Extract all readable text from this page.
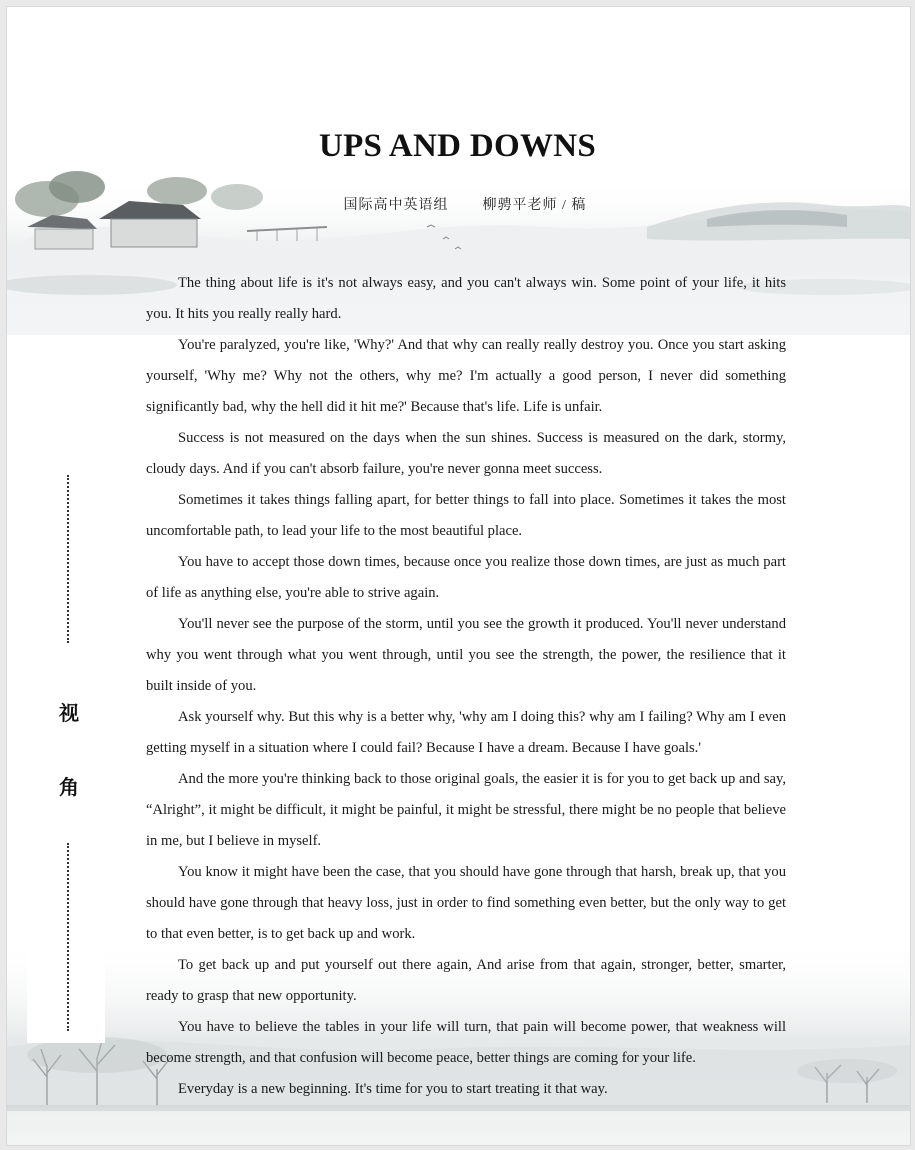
视
角
UPS AND DOWNS
国际高中英语组 柳骋平老师 / 稿

The thing about life is it's not always easy, and you can't always win. Some point of your life, it hits you. It hits you really really hard.

You're paralyzed, you're like, 'Why?' And that why can really really destroy you. Once you start asking yourself, 'Why me? Why not the others, why me? I'm actually a good person, I never did something significantly bad, why the hell did it hit me?' Because that's life. Life is unfair.

Success is not measured on the days when the sun shines. Success is measured on the dark, stormy, cloudy days. And if you can't absorb failure, you're never gonna meet success.

Sometimes it takes things falling apart, for better things to fall into place. Sometimes it takes the most uncomfortable path, to lead your life to the most beautiful place.

You have to accept those down times, because once you realize those down times, are just as much part of life as anything else, you're able to strive again.

You'll never see the purpose of the storm, until you see the growth it produced. You'll never understand why you went through what you went through, until you see the strength, the power, the resilience that it built inside of you.

Ask yourself why. But this why is a better why, 'why am I doing this? why am I failing? Why am I even getting myself in a situation where I could fail? Because I have a dream. Because I have goals.'

And the more you're thinking back to those original goals, the easier it is for you to get back up and say, “Alright”, it might be difficult, it might be painful, it might be stressful, there might be no people that believe in me, but I believe in myself.

You know it might have been the case, that you should have gone through that harsh, break up, that you should have gone through that heavy loss, just in order to find something even better, but the only way to get to that even better, is to get back up and work.

To get back up and put yourself out there again, And arise from that again, stronger, better, smarter, ready to grasp that new opportunity.

You have to believe the tables in your life will turn, that pain will become power, that weakness will become strength, and that confusion will become peace, better things are coming for your life.

Everyday is a new beginning. It's time for you to start treating it that way.
